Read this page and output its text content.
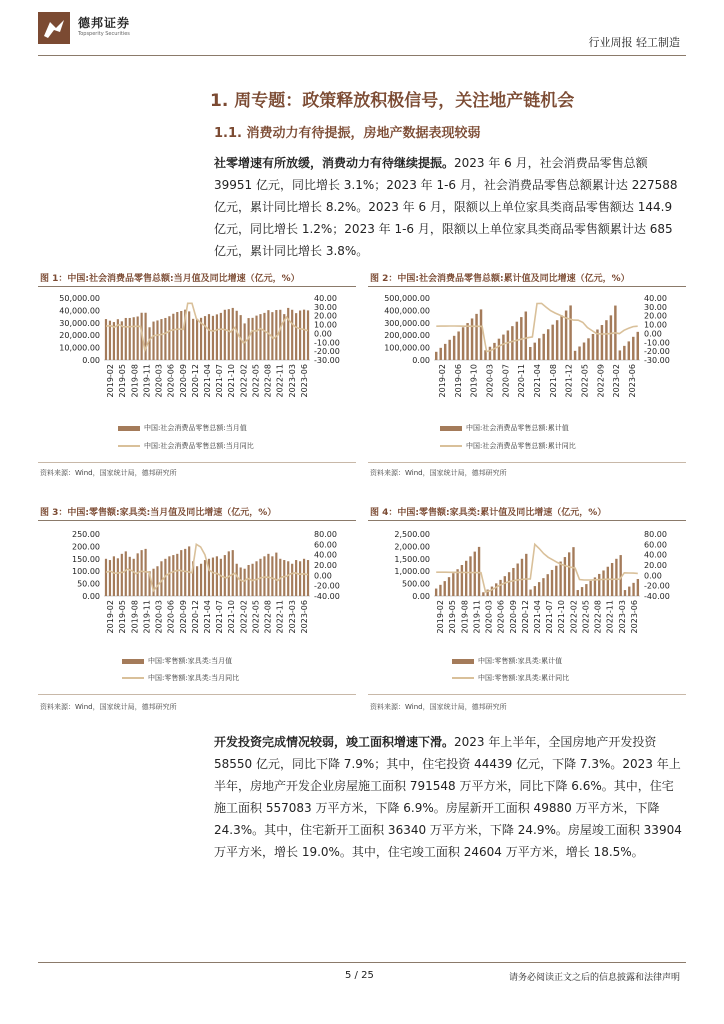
德邦证券
Topsperity Securities
行业周报 轻工制造
1. 周专题：政策释放积极信号，关注地产链机会
1.1. 消费动力有待提振，房地产数据表现较弱

社零增速有所放缓，消费动力有待继续提振。2023 年 6 月，社会消费品零售总额 39951 亿元，同比增长 3.1%；2023 年 1-6 月，社会消费品零售总额累计达 227588 亿元，累计同比增长 8.2%。2023 年 6 月，限额以上单位家具类商品零售额达 144.9 亿元，同比增长 1.2%；2023 年 1-6 月，限额以上单位家具类商品零售额累计达 685 亿元，累计同比增长 3.8%。

图 1：中国:社会消费品零售总额:当月值及同比增速（亿元，%）
50,000.00
40,000.00
30,000.00
20,000.00
10,000.00
0.00
40.00
30.00
20.00
10.00
0.00
-10.00
-20.00
-30.00
2019-02 2019-05 2019-08 2019-11 2020-03 2020-06 2020-09 2020-12 2021-04 2021-07 2021-10 2022-02 2022-05 2022-08 2022-11 2023-03 2023-06
中国:社会消费品零售总额:当月值
中国:社会消费品零售总额:当月同比
资料来源：Wind，国家统计局，德邦研究所
图 2：中国:社会消费品零售总额:累计值及同比增速（亿元，%）
500,000.00
400,000.00
300,000.00
200,000.00
100,000.00
0.00
40.00
30.00
20.00
10.00
0.00
-10.00
-20.00
-30.00
2019-02 2019-06 2019-10 2020-03 2020-07 2020-11 2021-04 2021-08 2021-12 2022-05 2022-09 2023-02 2023-06
中国:社会消费品零售总额:累计值
中国:社会消费品零售总额:累计同比
资料来源：Wind，国家统计局，德邦研究所
图 3：中国:零售额:家具类:当月值及同比增速（亿元，%）
250.00
200.00
150.00
100.00
50.00
0.00
80.00
60.00
40.00
20.00
0.00
-20.00
-40.00
2019-02 2019-05 2019-08 2019-11 2020-03 2020-06 2020-09 2020-12 2021-04 2021-07 2021-10 2022-02 2022-05 2022-08 2022-11 2023-03 2023-06
中国:零售额:家具类:当月值
中国:零售额:家具类:当月同比
资料来源：Wind，国家统计局，德邦研究所
图 4：中国:零售额:家具类:累计值及同比增速（亿元，%）
2,500.00
2,000.00
1,500.00
1,000.00
500.00
0.00
80.00
60.00
40.00
20.00
0.00
-20.00
-40.00
2019-02 2019-05 2019-08 2019-11 2020-03 2020-06 2020-09 2020-12 2021-04 2021-07 2021-10 2022-02 2022-05 2022-08 2022-11 2023-03 2023-06
中国:零售额:家具类:累计值
中国:零售额:家具类:累计同比
资料来源：Wind，国家统计局，德邦研究所

开发投资完成情况较弱，竣工面积增速下滑。2023 年上半年，全国房地产开发投资 58550 亿元，同比下降 7.9%；其中，住宅投资 44439 亿元，下降 7.3%。2023 年上半年，房地产开发企业房屋施工面积 791548 万平方米，同比下降 6.6%。其中，住宅施工面积 557083 万平方米，下降 6.9%。房屋新开工面积 49880 万平方米，下降 24.3%。其中，住宅新开工面积 36340 万平方米，下降 24.9%。房屋竣工面积 33904 万平方米，增长 19.0%。其中，住宅竣工面积 24604 万平方米，增长 18.5%。

5 / 25	请务必阅读正文之后的信息披露和法律声明
